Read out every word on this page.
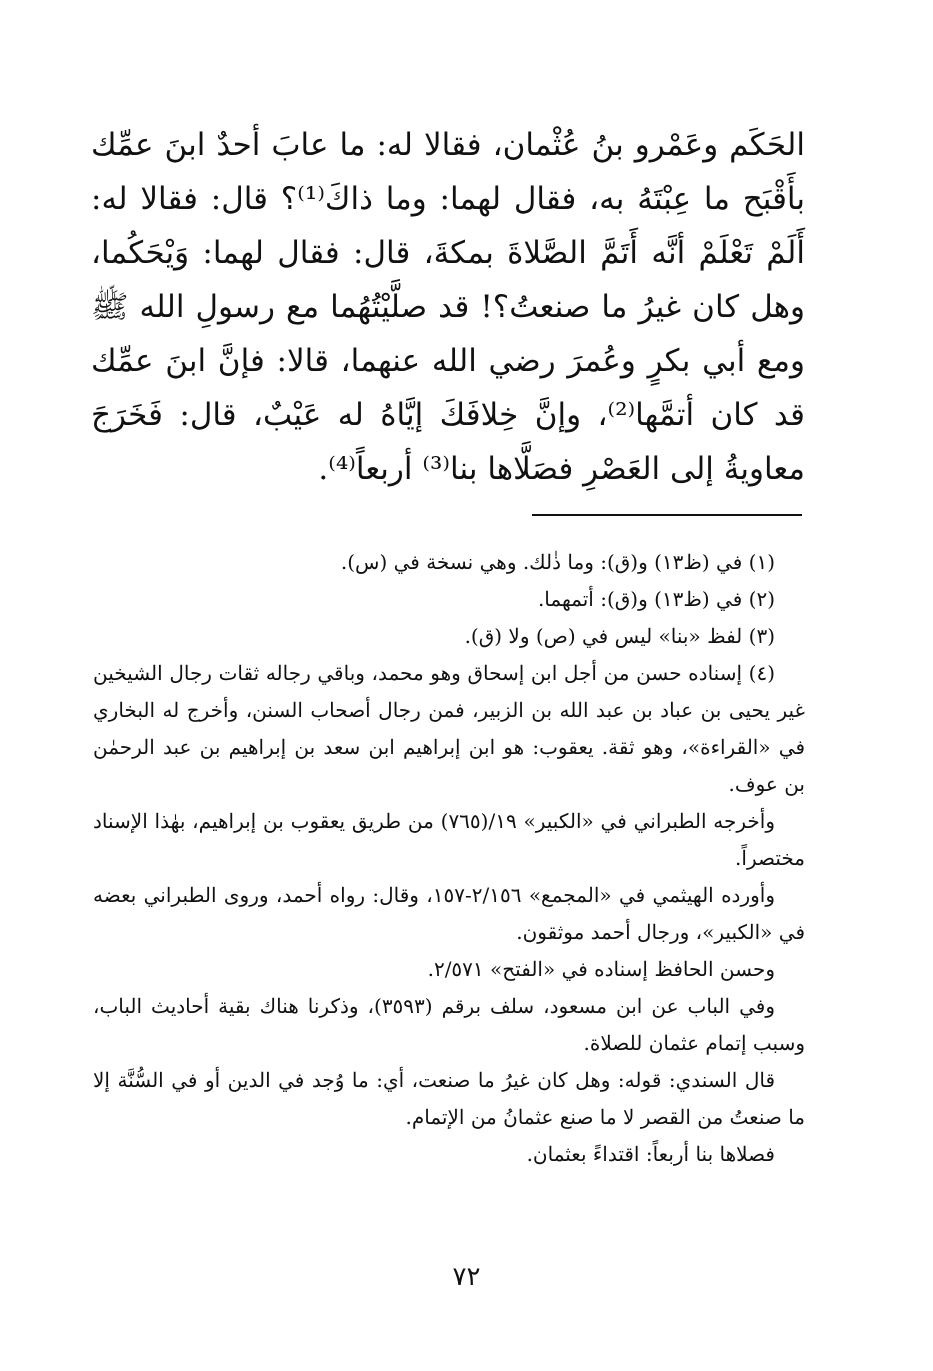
الحَكَم وعَمْرو بنُ عُثْمان، فقالا له: ما عابَ أحدٌ ابنَ عمِّك بأَقْبَح ما عِبْتَهُ به، فقال لهما: وما ذاكَ⁽¹⁾؟ قال: فقالا له: أَلَمْ تَعْلَمْ أنَّه أَتَمَّ الصَّلاةَ بمكةَ، قال: فقال لهما: وَيْحَكُما، وهل كان غيرُ ما صنعتُ؟! قد صلَّيْتُهُما مع رسولِ الله ﷺ ومع أبي بكرٍ وعُمرَ رضي الله عنهما، قالا: فإنَّ ابنَ عمِّك قد كان أتمَّها⁽²⁾، وإنَّ خِلافَكَ إيَّاهُ له عَيْبٌ، قال: فَخَرَجَ معاويةُ إلى العَصْرِ فصَلَّاها بنا⁽³⁾ أربعاً⁽⁴⁾.

(١) في (ظ١٣) و(ق): وما ذٰلك. وهي نسخة في (س).

(٢) في (ظ١٣) و(ق): أتمهما.

(٣) لفظ «بنا» ليس في (ص) ولا (ق).

(٤) إسناده حسن من أجل ابن إسحاق وهو محمد، وباقي رجاله ثقات رجال الشيخين غير يحيى بن عباد بن عبد الله بن الزبير، فمن رجال أصحاب السنن، وأخرج له البخاري في «القراءة»، وهو ثقة. يعقوب: هو ابن إبراهيم ابن سعد بن إبراهيم بن عبد الرحمٰن بن عوف.

وأخرجه الطبراني في «الكبير» ١٩/(٧٦٥) من طريق يعقوب بن إبراهيم، بهٰذا الإسناد مختصراً.

وأورده الهيثمي في «المجمع» ٢/١٥٦-١٥٧، وقال: رواه أحمد، وروى الطبراني بعضه في «الكبير»، ورجال أحمد موثقون.

وحسن الحافظ إسناده في «الفتح» ٢/٥٧١.

وفي الباب عن ابن مسعود، سلف برقم (٣٥٩٣)، وذكرنا هناك بقية أحاديث الباب، وسبب إتمام عثمان للصلاة.

قال السندي: قوله: وهل كان غيرُ ما صنعت، أي: ما وُجد في الدين أو في السُّنَّة إلا ما صنعتُ من القصر لا ما صنع عثمانُ من الإتمام.

فصلاها بنا أربعاً: اقتداءً بعثمان.

٧٢
